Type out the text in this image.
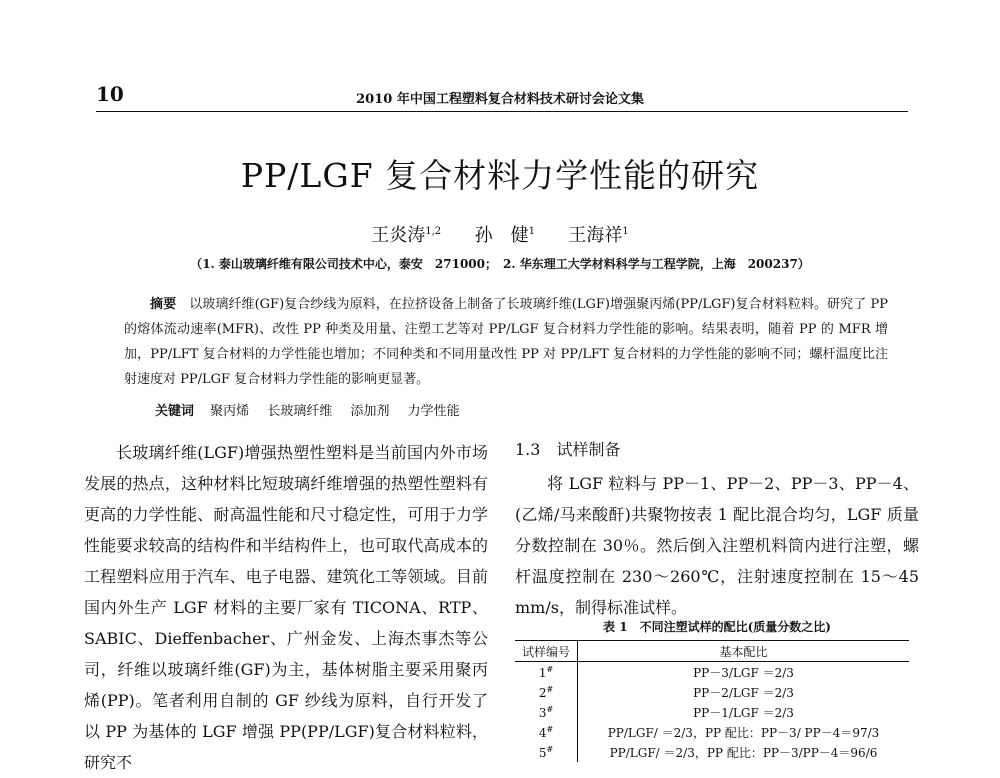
10	2010 年中国工程塑料复合材料技术研讨会论文集
PP/LGF 复合材料力学性能的研究
王炎涛$^{1,2}$ 孙　健$^1$ 王海祥$^1$
（1. 泰山玻璃纤维有限公司技术中心，泰安　271000；　2. 华东理工大学材料科学与工程学院，上海　200237）
摘要　 以玻璃纤维(GF)复合纱线为原料，在拉挤设备上制备了长玻璃纤维(LGF)增强聚丙烯(PP/LGF)复合材料粒料。研究了 PP 的熔体流动速率(MFR)、改性 PP 种类及用量、注塑工艺等对 PP/LGF 复合材料力学性能的影响。结果表明，随着 PP 的 MFR 增加，PP/LFT 复合材料的力学性能也增加；不同种类和不同用量改性 PP 对 PP/LFT 复合材料的力学性能的影响不同；螺杆温度比注射速度对 PP/LGF 复合材料力学性能的影响更显著。
关键词 聚丙烯 长玻璃纤维 添加剂 力学性能
长玻璃纤维(LGF)增强热塑性塑料是当前国内外市场发展的热点，这种材料比短玻璃纤维增强的热塑性塑料有更高的力学性能、耐高温性能和尺寸稳定性，可用于力学性能要求较高的结构件和半结构件上，也可取代高成本的工程塑料应用于汽车、电子电器、建筑化工等领域。目前国内外生产 LGF 材料的主要厂家有 TICONA、RTP、SABIC、Dieffenbacher、广州金发、上海杰事杰等公司，纤维以玻璃纤维(GF)为主，基体树脂主要采用聚丙烯(PP)。笔者利用自制的 GF 纱线为原料，自行开发了以 PP 为基体的 LGF 增强 PP(PP/LGF)复合材料粒料，研究不
1.3　 试样制备
将 LGF 粒料与 PP－1、PP－2、PP－3、PP－4、(乙烯/马来酸酐)共聚物按表 1 配比混合均匀，LGF 质量分数控制在 30％。然后倒入注塑机料筒内进行注塑，螺杆温度控制在 230～260℃，注射速度控制在 15～45 mm/s，制得标准试样。
表 1　不同注塑试样的配比(质量分数之比)
试样编号	基本配比
1#	PP－3/LGF ＝2/3
2#	PP－2/LGF ＝2/3
3#	PP－1/LGF ＝2/3
4#	PP/LGF/ ＝2/3，PP 配比：PP－3/ PP－4＝97/3
5#	PP/LGF/ ＝2/3，PP 配比：PP－3/PP－4＝96/6
